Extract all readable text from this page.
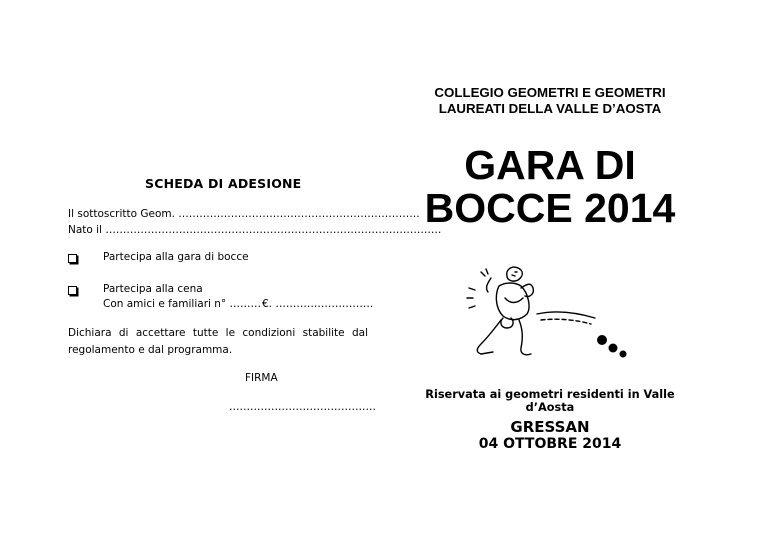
SCHEDA DI ADESIONE
Il sottoscritto Geom. ……………………………………………………………
Nato il ……………………………………………………………………………………
Partecipa alla gara di bocce
Partecipa alla cena
Con amici e familiari n° ……… €. ……………………….
Dichiara di accettare tutte le condizioni stabilite dal regolamento e dal programma.
FIRMA
……………………………………
COLLEGIO GEOMETRI E GEOMETRI
LAUREATI DELLA VALLE D’AOSTA
GARA DI
BOCCE 2014
Riservata ai geometri residenti in Valle d’Aosta
GRESSAN
04 OTTOBRE 2014
